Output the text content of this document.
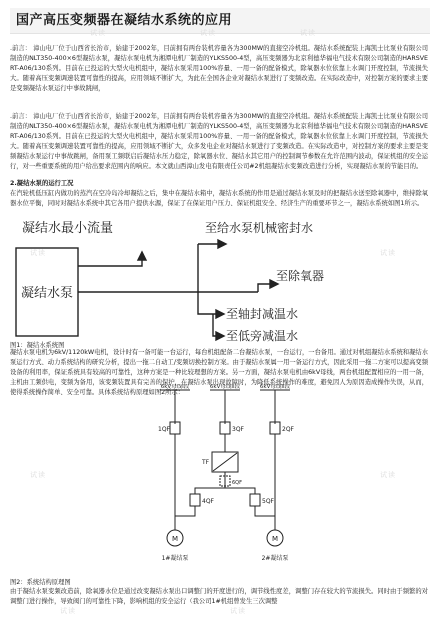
国产高压变频器在凝结水系统的应用

.前言： 漳山电厂位于山西省长治市，始建于2002年，目前拥有两台装机容量各为300MW的直接空冷机组。凝结水系统配装上海凯士比泵业有限公司制造的NLT350-400×6型凝结水泵，凝结水泵电机为湘潭电机厂制造的YLKS500-4型，高压变频器为北京利德华福电气技术有限公司制造的HARSVERT-A06/130系列。目前在已投运的大型火电机组中，凝结水泵采用100%容量、一用一备的配备模式，除氧器水位依靠上水调门开度控制，节流损失大。随着高压变频调速装置可靠性的提高，应用领域不断扩大，为此在全国各企业对凝结水泵进行了变频改造。在实际改造中，对控制方案的要求主要是变频凝结水泵运行中事故跳闸，

.前言： 漳山电厂位于山西省长治市，始建于2002年，目前拥有两台装机容量各为300MW的直接空冷机组。凝结水系统配装上海凯士比泵业有限公司制造的NLT350-400×6型凝结水泵，凝结水泵电机为湘潭电机厂制造的YLKS500-4型，高压变频器为北京利德华福电气技术有限公司制造的HARSVERT-A06/130系列。目前在已投运的大型火电机组中，凝结水泵采用100%容量、一用一备的配备模式，除氧器水位依靠上水调门开度控制，节流损失大。随着高压变频调速装置可靠性的提高，应用领域不断扩大，众多发电企业对凝结水泵进行了变频改造。在实际改造中，对控制方案的要求主要是变频凝结水泵运行中事故跳闸，备用泵工频联启后凝结水压力稳定，除氧器水位、凝结水其它用户的控制调节参数在允许范围内波动，保证机组的安全运行，对一些重要系统的用户给出要求范围内的响应。本文就山西漳山发电有限责任公司#2机组凝结水变频改造进行分析，实现凝结水泵的节能目的。

2.凝结水泵的运行工况

在汽轮机低压缸内做功的蒸汽在空冷岛冷却凝结之后，集中在凝结水箱中，凝结水系统的作用是通过凝结水泵及时的把凝结水送至除氧器中，维持除氧器水位平衡，同时对凝结水系统中其它各用户提供水源，保证了在保证用户压力、保证机组安全、经济生产的重要环节之一，凝结水系统如图1所示。

凝结水泵
凝结水最小流量	至给水泵机械密封水
至除氧器
至轴封减温水
至低旁减温水
图1：凝结水系统图

凝结水泵电机为6kV/1120kW电机，设计时有一备可能一台运行，每台机组配备二台凝结水泵，一台运行，一台备用。通过对机组凝结水系统和凝结水泵运行方式、动力系统结构的研究分析，提出一拖二自动工/变频切换控制方案。由于凝结水泵属一用一备运行方式，因此采用一拖二方案可以提高变频设备的利用率，保证系统具有较高的可靠性，这种方案是一种比较理想的方案。另一方面，凝结水泵电机由6kV母线，两台机组配置相应的一用一备，主机由工频供电，变频为备用，该变频装置具有完善的保护，在凝结水泵出现故障时，为降低系统操作的难度，避免因人为原因造成操作失误，从而，使得系统操作简单、安全可靠。具体系统结构原理如图2所示：

6kV母线I段	6kV母线II段	6kV母线II段
1QF	3QF	2QF
TF
4QF	5QF
6QF
M	M
1#凝结泵	2#凝结泵
图2：系统结构原理图

由于凝结水泵变频改造前，除氧器水位是通过改变凝结水泵出口调整门的开度进行的，调节线性度差，调整门存在较大的节流损失。同时由于频繁的对调整门进行操作，导致阀门的可靠性下降，影响机组的安全运行（我公司1#机组曾发生三次调整

试读	试读	试读
试读	试读
试读	试读
试读	试读
